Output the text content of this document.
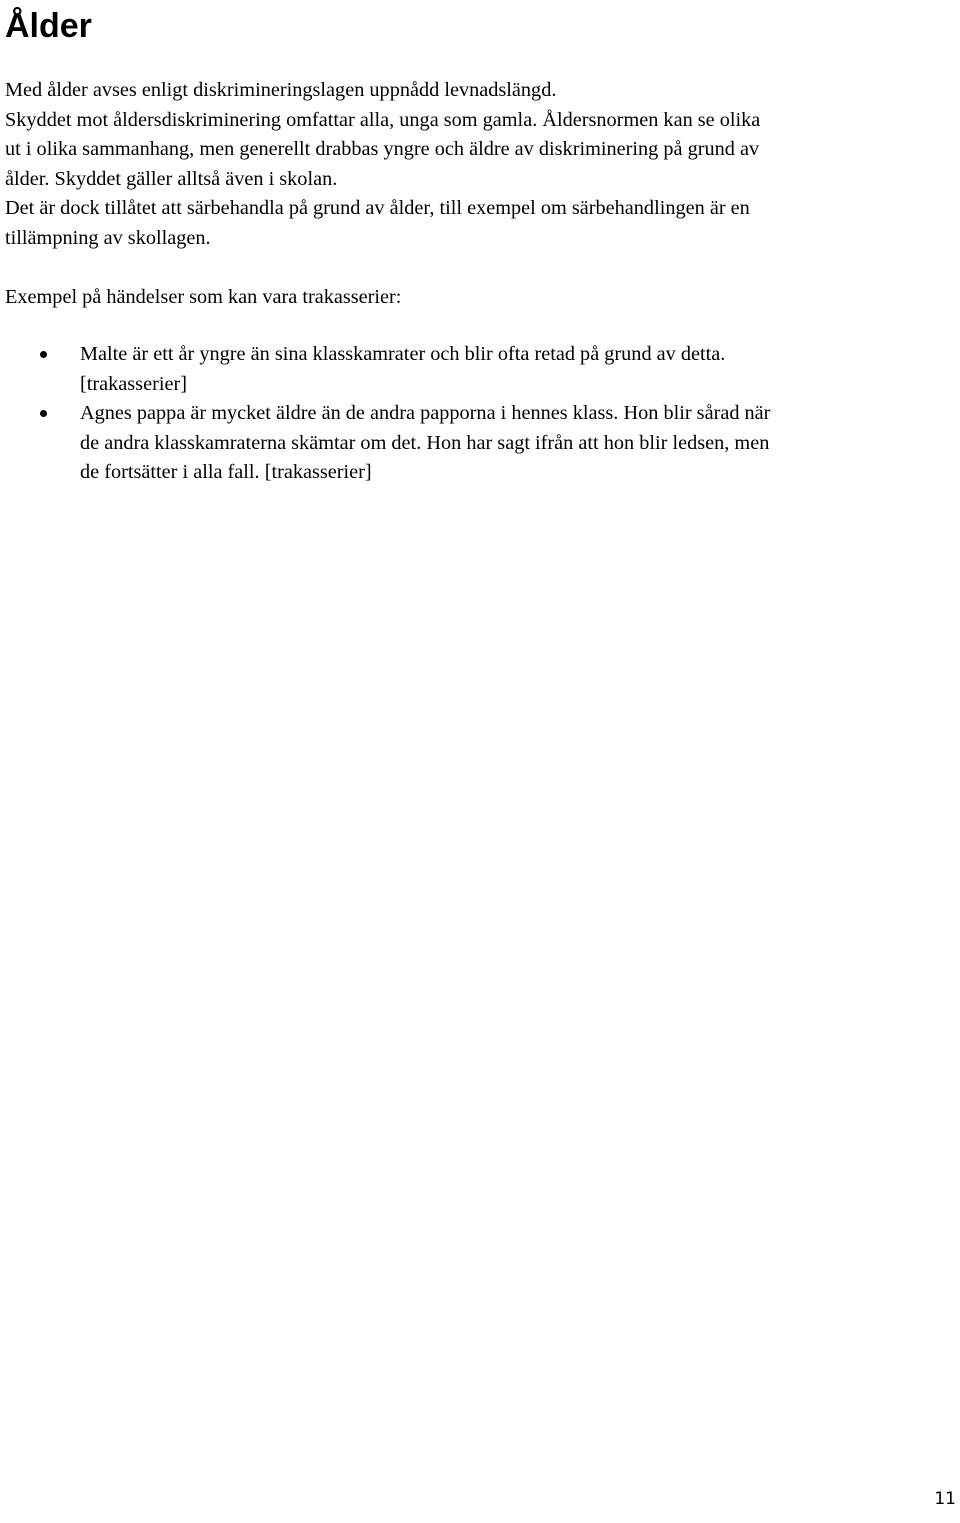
Ålder
Med ålder avses enligt diskrimineringslagen uppnådd levnadslängd.
Skyddet mot åldersdiskriminering omfattar alla, unga som gamla. Åldersnormen kan se olika
ut i olika sammanhang, men generellt drabbas yngre och äldre av diskriminering på grund av
ålder. Skyddet gäller alltså även i skolan.
Det är dock tillåtet att särbehandla på grund av ålder, till exempel om särbehandlingen är en
tillämpning av skollagen.
Exempel på händelser som kan vara trakasserier:
Malte är ett år yngre än sina klasskamrater och blir ofta retad på grund av detta.
[trakasserier]
Agnes pappa är mycket äldre än de andra papporna i hennes klass. Hon blir sårad när
de andra klasskamraterna skämtar om det. Hon har sagt ifrån att hon blir ledsen, men
de fortsätter i alla fall. [trakasserier]
11
